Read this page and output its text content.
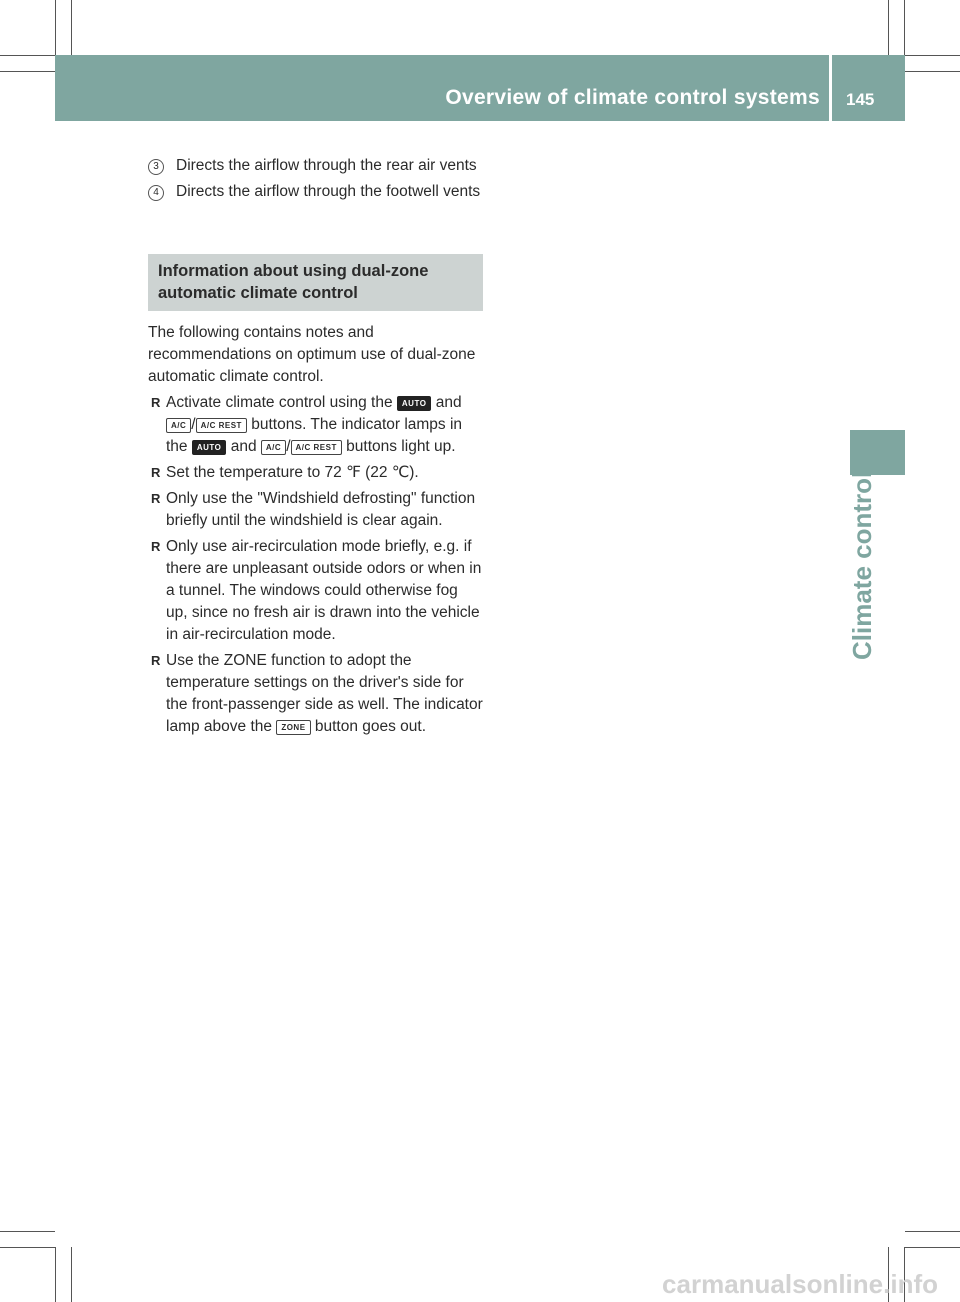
Overview of climate control systems 145
Climate control
3	Directs the airflow through the rear air vents
4	Directs the airflow through the footwell vents
Information about using dual-zone automatic climate control
The following contains notes and recommendations on optimum use of dual-zone automatic climate control.
R Activate climate control using the AUTO and A/C / A/C REST buttons. The indicator lamps in the AUTO and A/C / A/C REST buttons light up.
R Set the temperature to 72 ℉ (22 ℃).
R Only use the "Windshield defrosting" function briefly until the windshield is clear again.
R Only use air-recirculation mode briefly, e.g. if there are unpleasant outside odors or when in a tunnel. The windows could otherwise fog up, since no fresh air is drawn into the vehicle in air-recirculation mode.
R Use the ZONE function to adopt the temperature settings on the driver's side for the front-passenger side as well. The indicator lamp above the ZONE button goes out.
carmanualsonline.info
